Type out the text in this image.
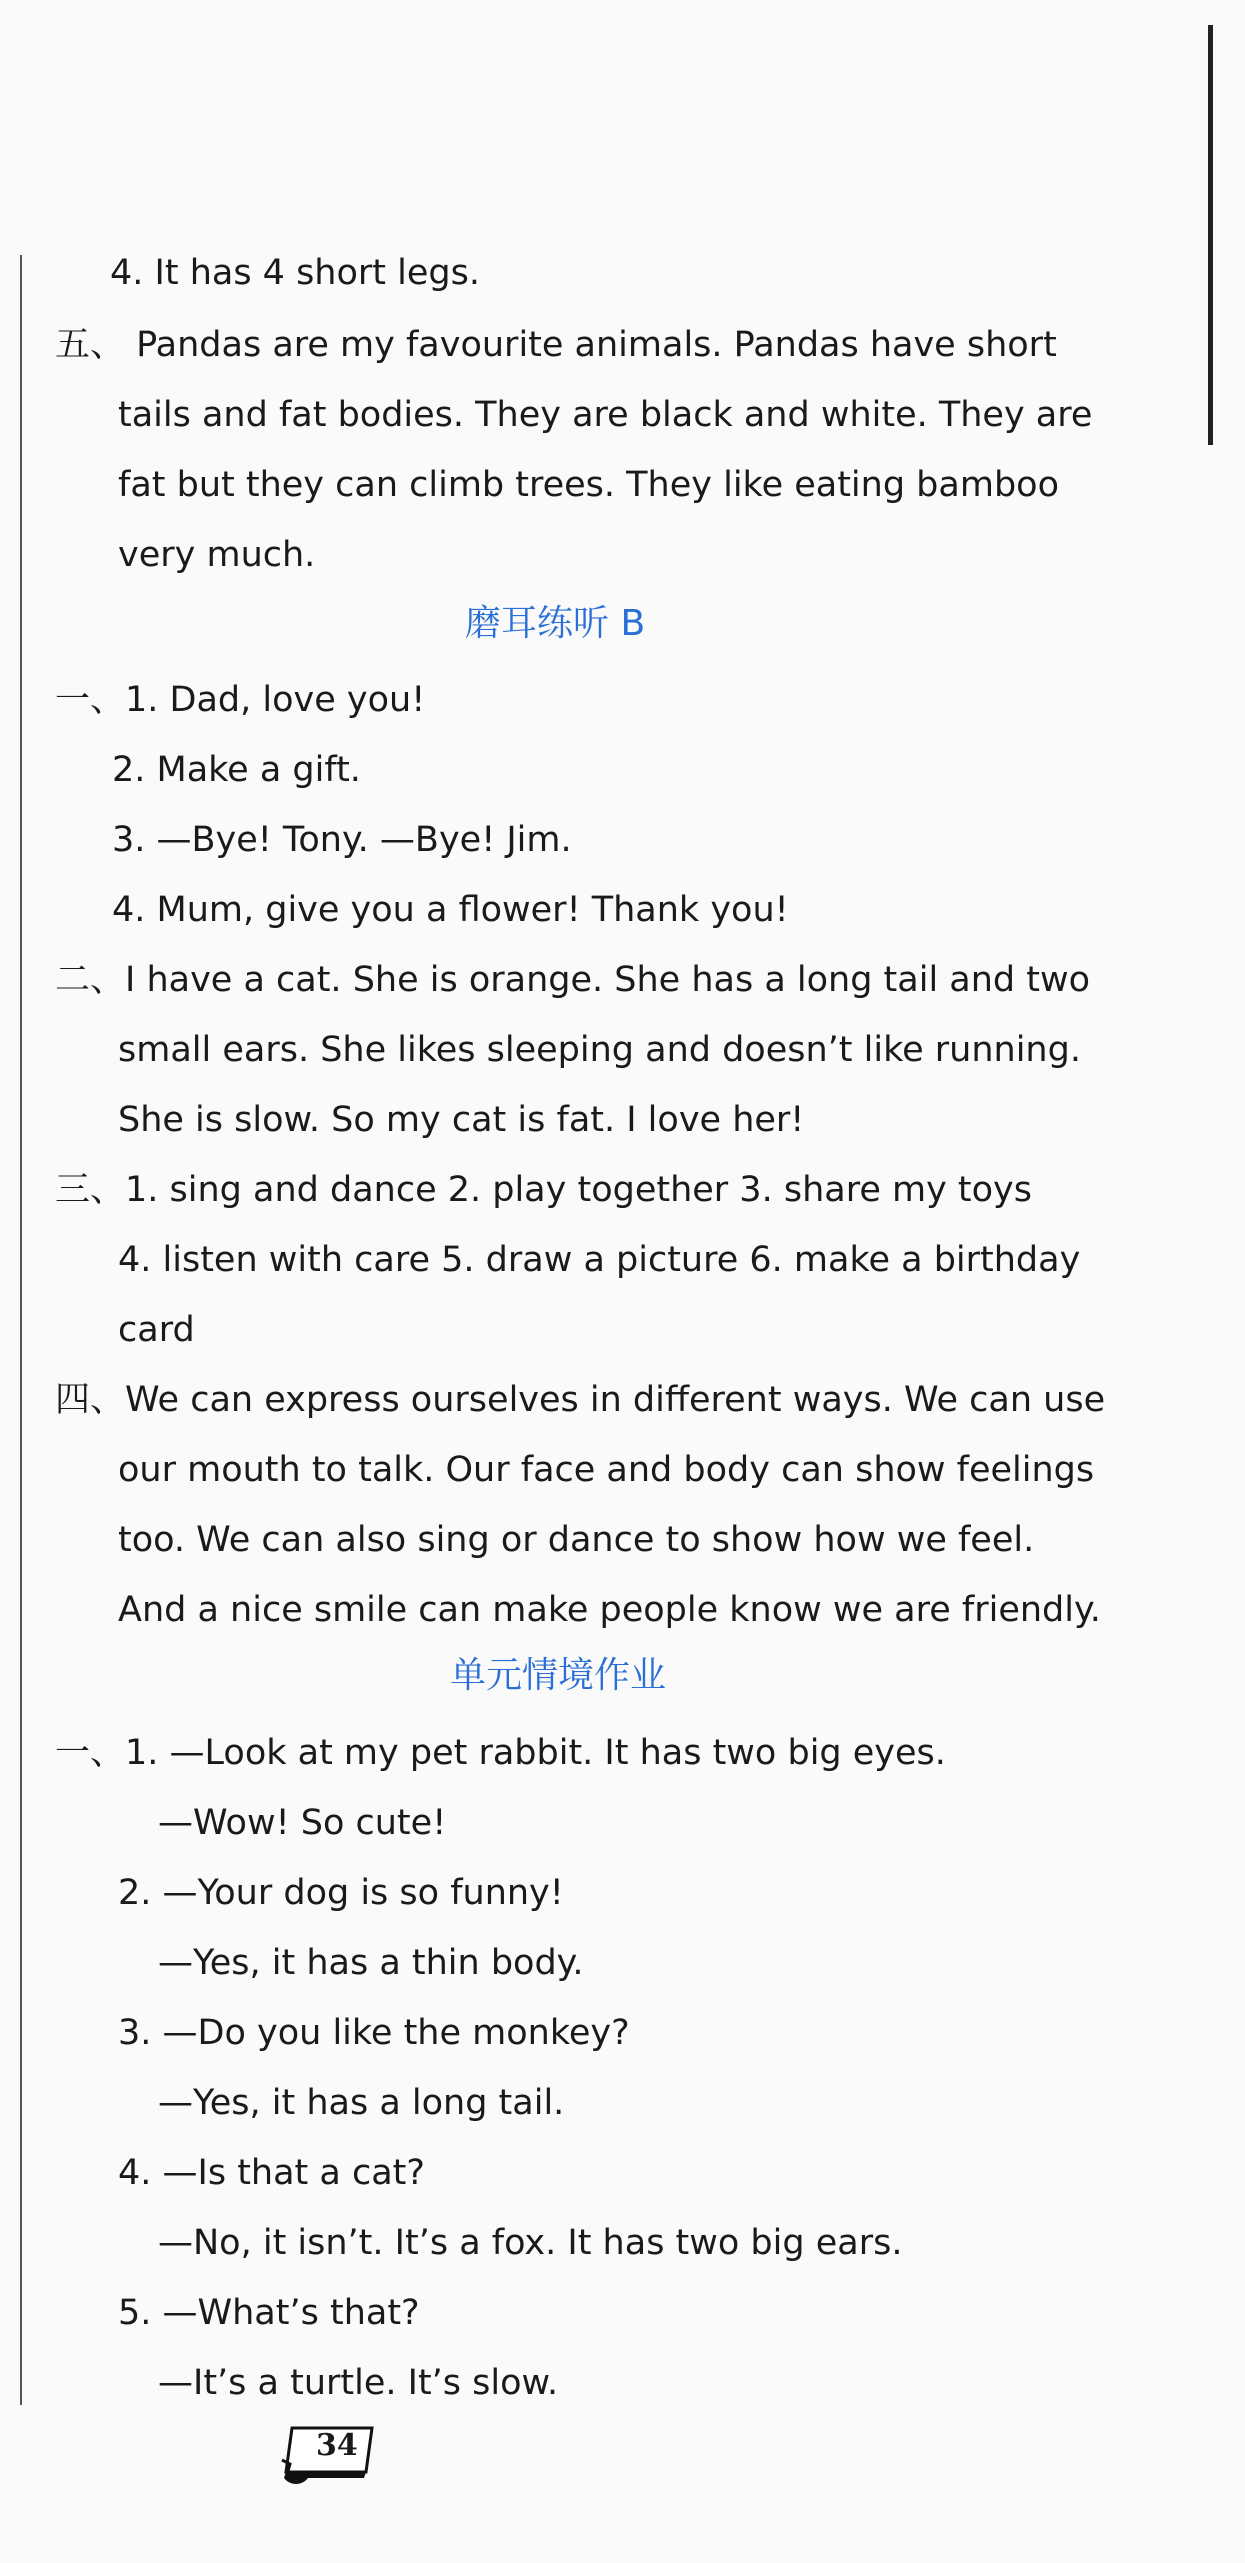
4. It has 4 short legs.
五、 Pandas are my favourite animals. Pandas have short
tails and fat bodies. They are black and white. They are
fat but they can climb trees. They like eating bamboo
very much.
磨耳练听 B
一、1. Dad, love you!
2. Make a gift.
3. —Bye! Tony. —Bye! Jim.
4. Mum, give you a flower! Thank you!
二、I have a cat. She is orange. She has a long tail and two
small ears. She likes sleeping and doesn’t like running.
She is slow. So my cat is fat. I love her!
三、1. sing and dance 2. play together 3. share my toys
4. listen with care 5. draw a picture 6. make a birthday
card
四、We can express ourselves in different ways. We can use
our mouth to talk. Our face and body can show feelings
too. We can also sing or dance to show how we feel.
And a nice smile can make people know we are friendly.
单元情境作业
一、1. —Look at my pet rabbit. It has two big eyes.
—Wow! So cute!
2. —Your dog is so funny!
—Yes, it has a thin body.
3. —Do you like the monkey?
—Yes, it has a long tail.
4. —Is that a cat?
—No, it isn’t. It’s a fox. It has two big ears.
5. —What’s that?
—It’s a turtle. It’s slow.
34
